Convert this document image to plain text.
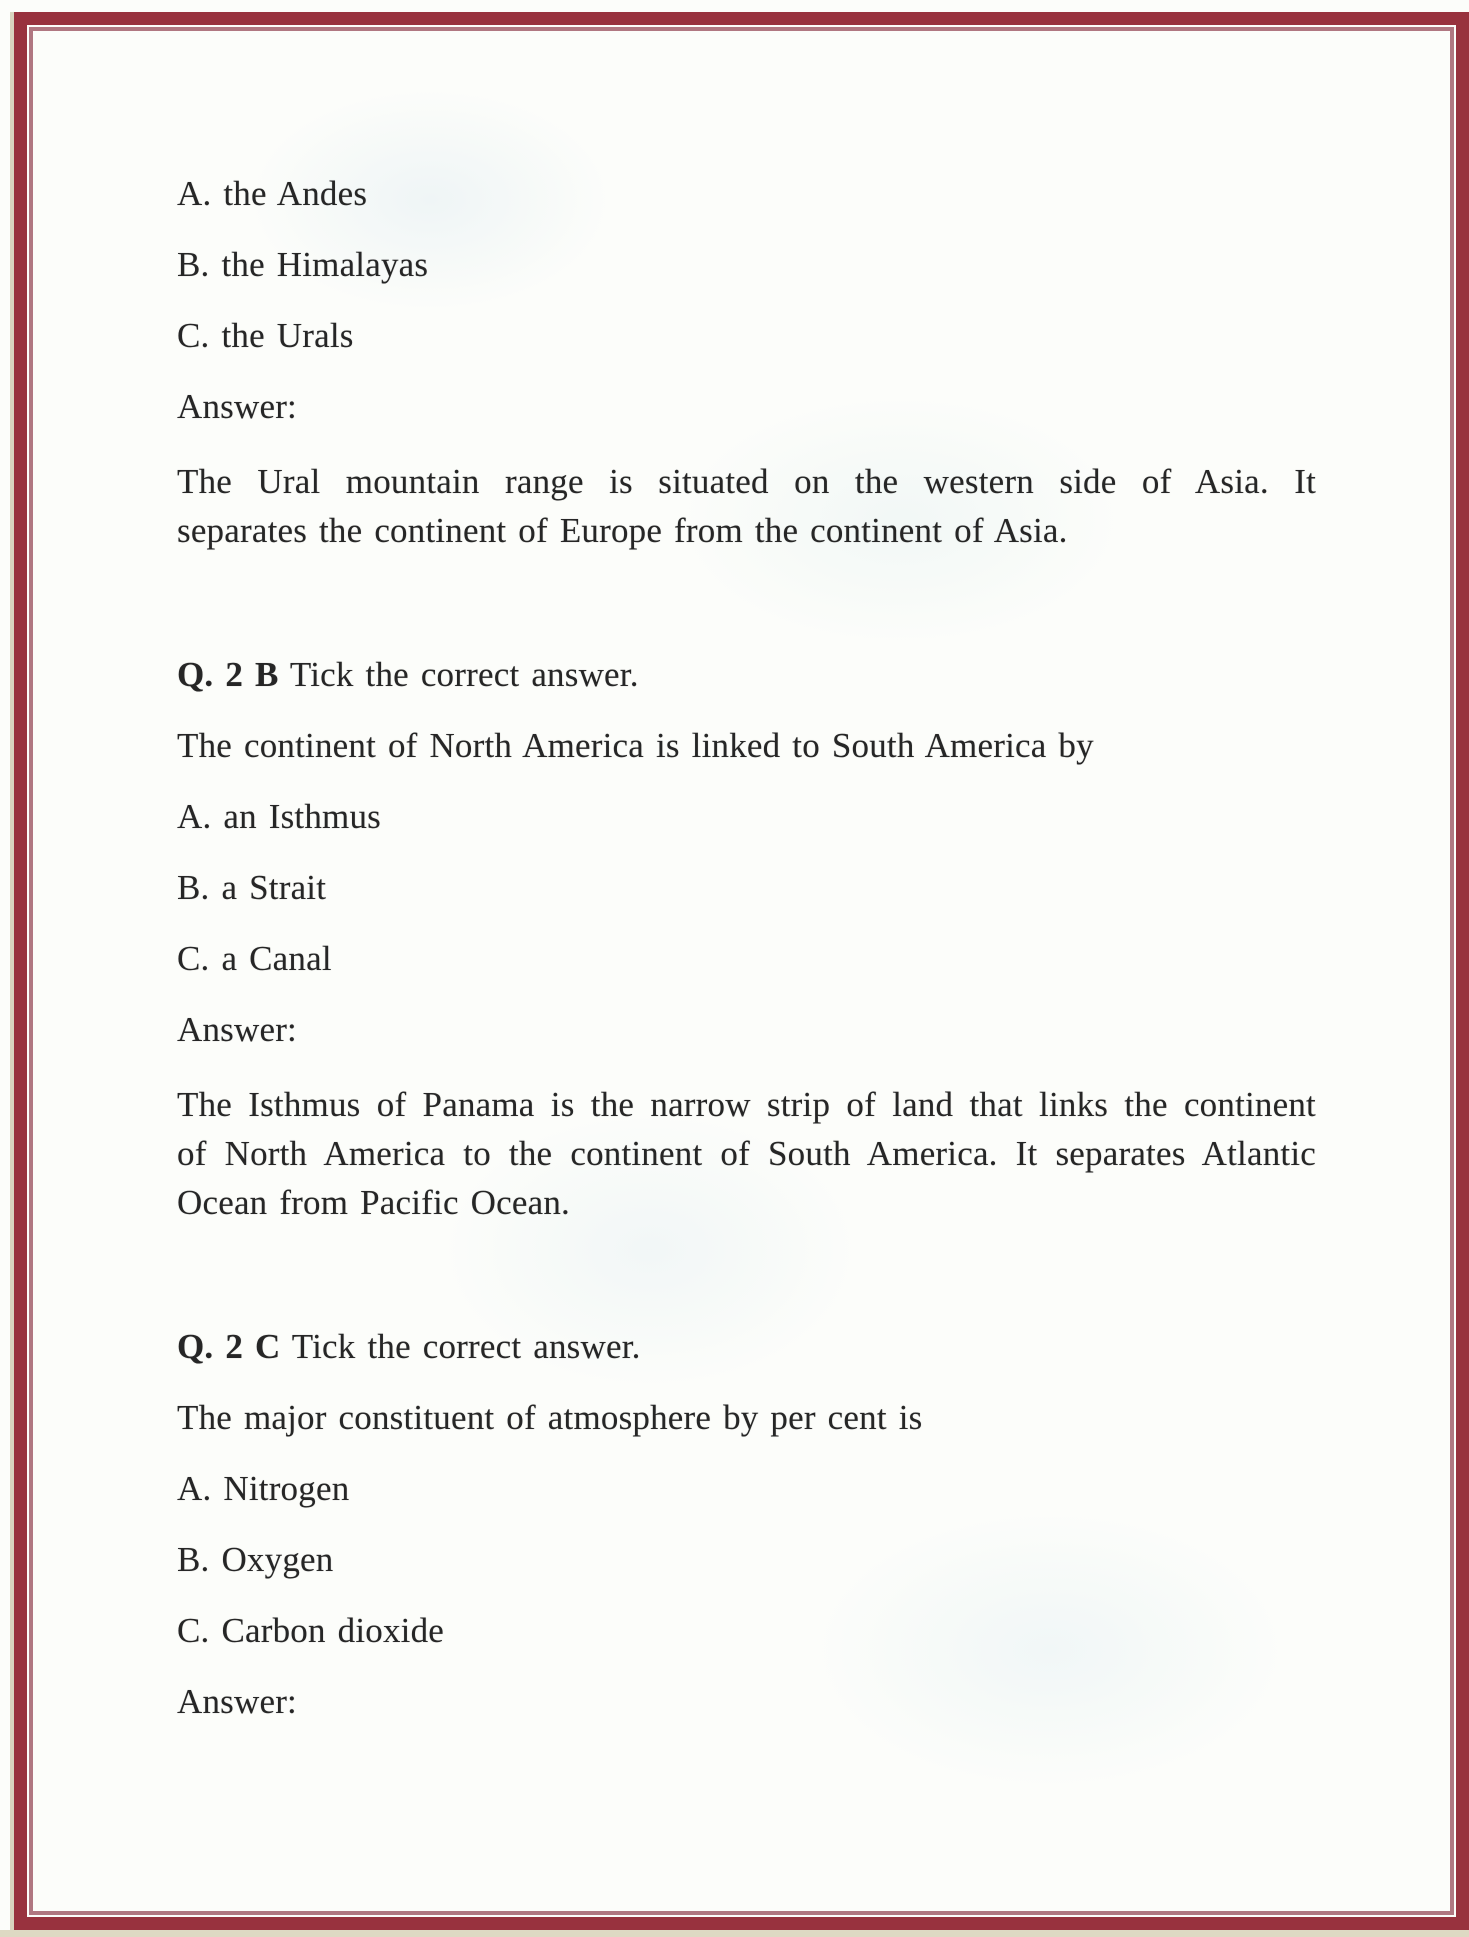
A. the Andes

B. the Himalayas

C. the Urals

Answer:

The Ural mountain range is situated on the western side of Asia. It
separates the continent of Europe from the continent of Asia.

Q. 2 B Tick the correct answer.

The continent of North America is linked to South America by

A. an Isthmus

B. a Strait

C. a Canal

Answer:

The Isthmus of Panama is the narrow strip of land that links the continent
of North America to the continent of South America. It separates Atlantic
Ocean from Pacific Ocean.

Q. 2 C Tick the correct answer.

The major constituent of atmosphere by per cent is

A. Nitrogen

B. Oxygen

C. Carbon dioxide

Answer:
